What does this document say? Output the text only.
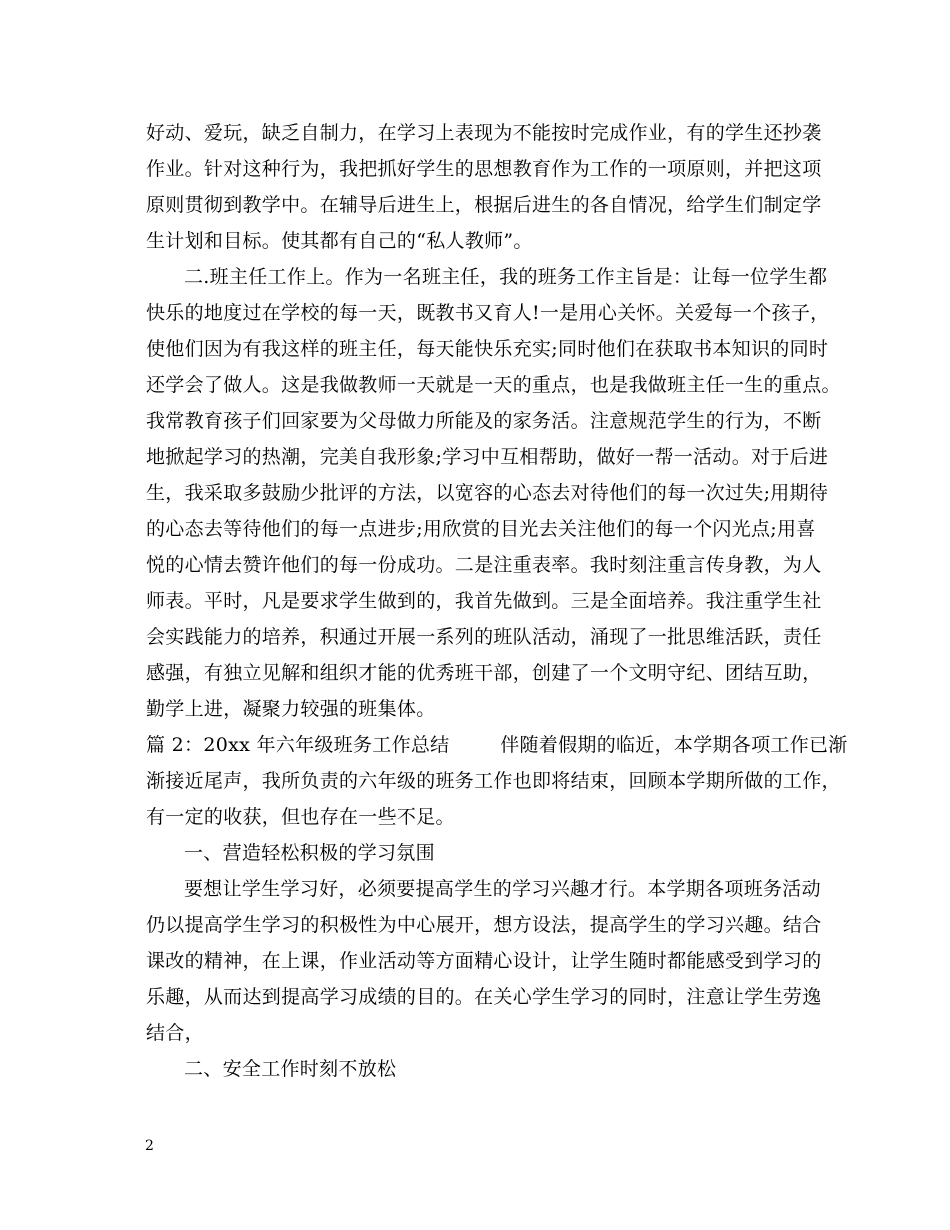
好动、爱玩，缺乏自制力，在学习上表现为不能按时完成作业，有的学生还抄袭
作业。针对这种行为，我把抓好学生的思想教育作为工作的一项原则，并把这项
原则贯彻到教学中。在辅导后进生上，根据后进生的各自情况，给学生们制定学
生计划和目标。使其都有自己的“私人教师”。
二.班主任工作上。作为一名班主任，我的班务工作主旨是：让每一位学生都
快乐的地度过在学校的每一天，既教书又育人!一是用心关怀。关爱每一个孩子，
使他们因为有我这样的班主任，每天能快乐充实;同时他们在获取书本知识的同时
还学会了做人。这是我做教师一天就是一天的重点，也是我做班主任一生的重点。
我常教育孩子们回家要为父母做力所能及的家务活。注意规范学生的行为，不断
地掀起学习的热潮，完美自我形象;学习中互相帮助，做好一帮一活动。对于后进
生，我采取多鼓励少批评的方法，以宽容的心态去对待他们的每一次过失;用期待
的心态去等待他们的每一点进步;用欣赏的目光去关注他们的每一个闪光点;用喜
悦的心情去赞许他们的每一份成功。二是注重表率。我时刻注重言传身教，为人
师表。平时，凡是要求学生做到的，我首先做到。三是全面培养。我注重学生社
会实践能力的培养，积通过开展一系列的班队活动，涌现了一批思维活跃，责任
感强，有独立见解和组织才能的优秀班干部，创建了一个文明守纪、团结互助，
勤学上进，凝聚力较强的班集体。
篇 2：20xx 年六年级班务工作总结        伴随着假期的临近，本学期各项工作已渐
渐接近尾声，我所负责的六年级的班务工作也即将结束，回顾本学期所做的工作，
有一定的收获，但也存在一些不足。
一、营造轻松积极的学习氛围
要想让学生学习好，必须要提高学生的学习兴趣才行。本学期各项班务活动
仍以提高学生学习的积极性为中心展开，想方设法，提高学生的学习兴趣。结合
课改的精神，在上课，作业活动等方面精心设计，让学生随时都能感受到学习的
乐趣，从而达到提高学习成绩的目的。在关心学生学习的同时，注意让学生劳逸
结合，
二、安全工作时刻不放松
2
